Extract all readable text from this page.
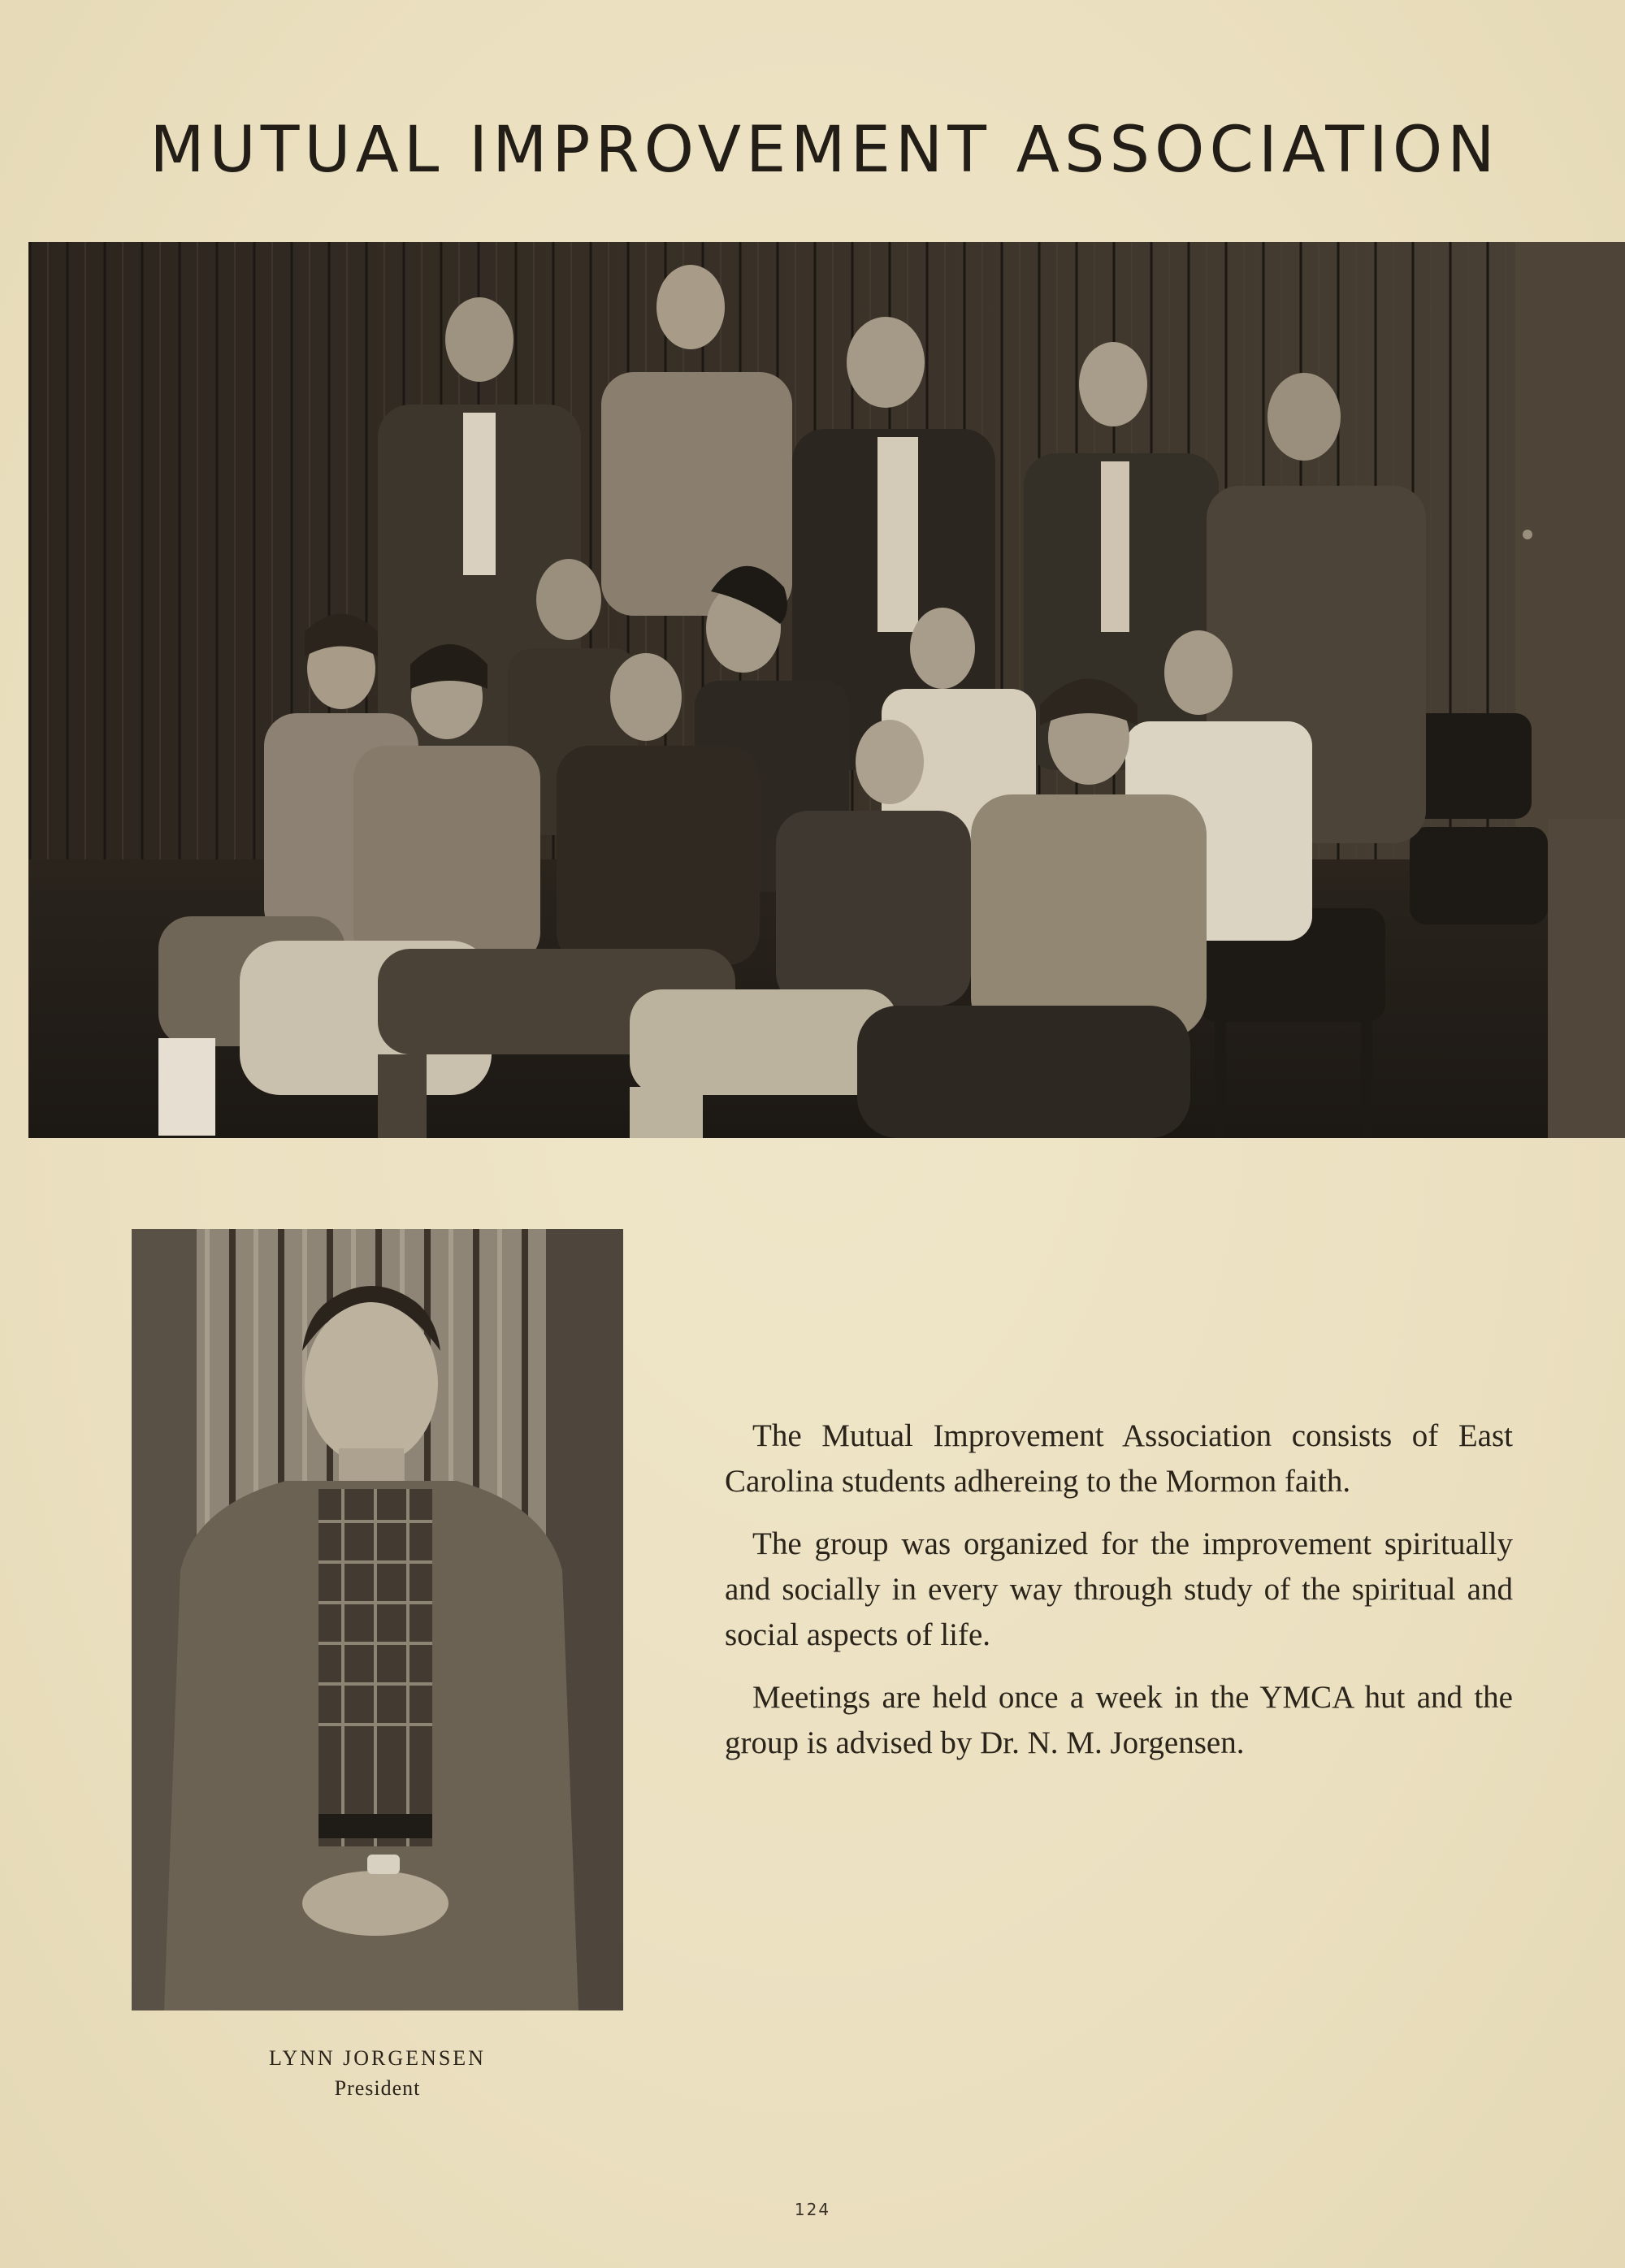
MUTUAL IMPROVEMENT ASSOCIATION
LYNN JORGENSEN
President

The Mutual Improvement Association consists of East Carolina students adhereing to the Mormon faith.

The group was organized for the improvement spiritually and socially in every way through study of the spiritual and social aspects of life.

Meetings are held once a week in the YMCA hut and the group is advised by Dr. N. M. Jorgensen.

124
